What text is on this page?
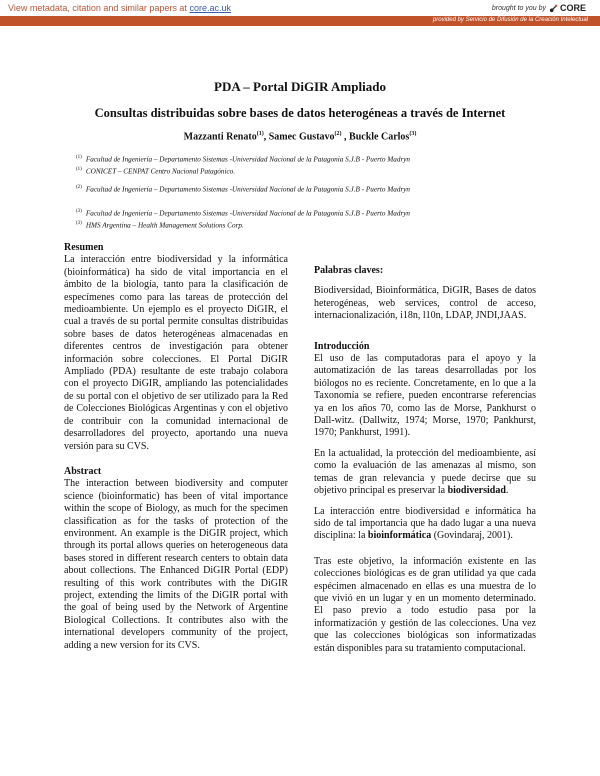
View metadata, citation and similar papers at core.ac.uk	brought to you by CORE
provided by Servicio de Difusión de la Creación Intelectual
PDA – Portal DiGIR Ampliado
Consultas distribuidas sobre bases de datos heterogéneas a través de Internet
Mazzanti Renato$^{(1)}$, Samec Gustavo$^{(2)}$ , Buckle Carlos$^{(3)}$
$^{(1)}$ Facultad de Ingeniería – Departamento Sistemas -Universidad Nacional de la Patagonia S.J.B - Puerto Madryn
$^{(1)}$ CONICET – CENPAT Centro Nacional Patagónico.
$^{(2)}$ Facultad de Ingeniería – Departamento Sistemas -Universidad Nacional de la Patagonia S.J.B - Puerto Madryn
$^{(3)}$ Facultad de Ingeniería – Departamento Sistemas -Universidad Nacional de la Patagonia S.J.B - Puerto Madryn
$^{(3)}$ HMS Argentina – Health Management Solutions Corp.
Resumen

La interacción entre biodiversidad y la informática (bioinformática) ha sido de vital importancia en el ámbito de la biología, tanto para la clasificación de especímenes como para las tareas de protección del medioambiente. Un ejemplo es el proyecto DiGIR, el cual a través de su portal permite consultas distribuidas sobre bases de datos heterogéneas almacenadas en diferentes centros de investigación para obtener información sobre colecciones. El Portal DiGIR Ampliado (PDA) resultante de este trabajo colabora con el proyecto DiGIR, ampliando las potencialidades de su portal con el objetivo de ser utilizado para la Red de Colecciones Biológicas Argentinas y con el objetivo de contribuir con la comunidad internacional de desarrolladores del proyecto, aportando una nueva versión para su CVS.

Abstract

The interaction between biodiversity and computer science (bioinformatic) has been of vital importance within the scope of Biology, as much for the specimen classification as for the tasks of protection of the environment. An example is the DiGIR project, which through its portal allows queries on heterogeneous data bases stored in different research centers to obtain data about collections. The Enhanced DiGIR Portal (EDP) resulting of this work contributes with the DiGIR project, extending the limits of the DiGIR portal with the goal of being used by the Network of Argentine Biological Collections. It contributes also with the international developers community of the project, adding a new version for its CVS.

Palabras claves:

Biodiversidad, Bioinformática, DiGIR, Bases de datos heterogéneas, web services, control de acceso, internacionalización, i18n, l10n, LDAP, JNDI,JAAS.

Introducción

El uso de las computadoras para el apoyo y la automatización de las tareas desarrolladas por los biólogos no es reciente. Concretamente, en lo que a la Taxonomía se refiere, pueden encontrarse referencias ya en los años 70, como las de Morse, Pankhurst o Dall-witz. (Dallwitz, 1974; Morse, 1970; Pankhurst, 1970; Pankhurst, 1991).

En la actualidad, la protección del medioambiente, así como la evaluación de las amenazas al mismo, son temas de gran relevancia y puede decirse que su objetivo principal es preservar la biodiversidad.

La interacción entre biodiversidad e informática ha sido de tal importancia que ha dado lugar a una nueva disciplina: la bioinformática (Govindaraj, 2001).

Tras este objetivo, la información existente en las colecciones biológicas es de gran utilidad ya que cada espécimen almacenado en ellas es una muestra de lo que vivió en un lugar y en un momento determinado. El paso previo a todo estudio pasa por la informatización y gestión de las colecciones. Una vez que las colecciones biológicas son informatizadas están disponibles para su tratamiento computacional.
